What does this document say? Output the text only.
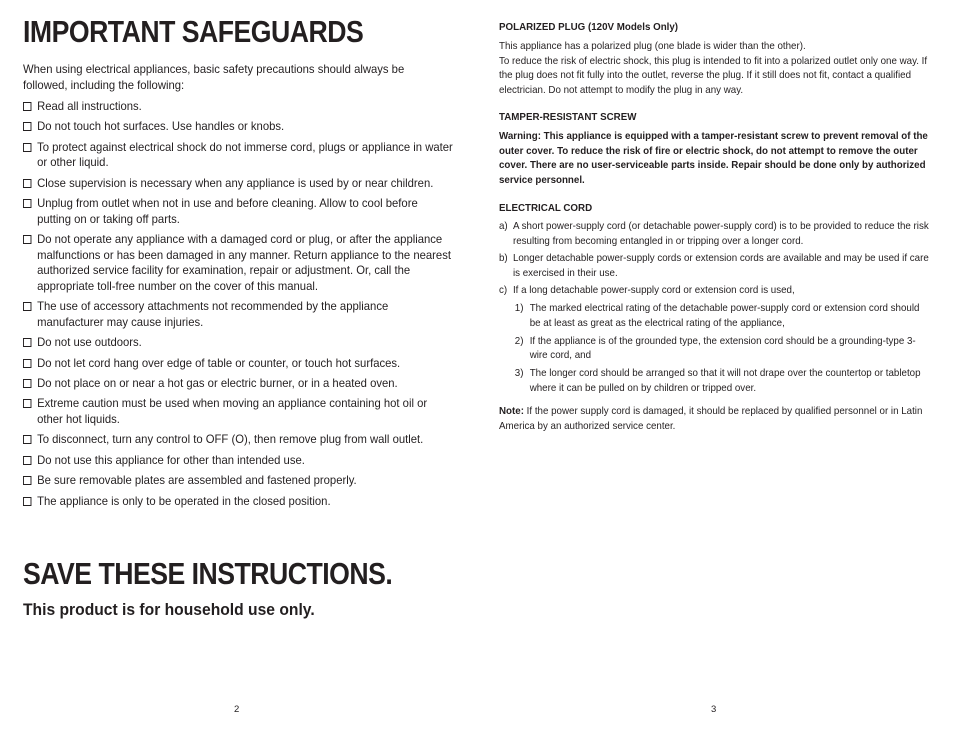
IMPORTANT SAFEGUARDS

When using electrical appliances, basic safety precautions should always be followed, including the following:

Read all instructions.
Do not touch hot surfaces. Use handles or knobs.
To protect against electrical shock do not immerse cord, plugs or appliance in water or other liquid.
Close supervision is necessary when any appliance is used by or near children.
Unplug from outlet when not in use and before cleaning. Allow to cool before putting on or taking off parts.
Do not operate any appliance with a damaged cord or plug, or after the appliance malfunctions or has been damaged in any manner. Return appliance to the nearest authorized service facility for examination, repair or adjustment. Or, call the appropriate toll-free number on the cover of this manual.
The use of accessory attachments not recommended by the appliance manufacturer may cause injuries.
Do not use outdoors.
Do not let cord hang over edge of table or counter, or touch hot surfaces.
Do not place on or near a hot gas or electric burner, or in a heated oven.
Extreme caution must be used when moving an appliance containing hot oil or other hot liquids.
To disconnect, turn any control to OFF (O), then remove plug from wall outlet.
Do not use this appliance for other than intended use.
Be sure removable plates are assembled and fastened properly.
The appliance is only to be operated in the closed position.
SAVE THESE INSTRUCTIONS.

This product is for household use only.

2
POLARIZED PLUG (120V Models Only)

This appliance has a polarized plug (one blade is wider than the other).

To reduce the risk of electric shock, this plug is intended to fit into a polarized outlet only one way. If the plug does not fit fully into the outlet, reverse the plug. If it still does not fit, contact a qualified electrician. Do not attempt to modify the plug in any way.

TAMPER-RESISTANT SCREW

Warning: This appliance is equipped with a tamper-resistant screw to prevent removal of the outer cover. To reduce the risk of fire or electric shock, do not attempt to remove the outer cover. There are no user-serviceable parts inside. Repair should be done only by authorized service personnel.

ELECTRICAL CORD
a) A short power-supply cord (or detachable power-supply cord) is to be provided to reduce the risk resulting from becoming entangled in or tripping over a longer cord.
b) Longer detachable power-supply cords or extension cords are available and may be used if care is exercised in their use.
c) If a long detachable power-supply cord or extension cord is used,
1) The marked electrical rating of the detachable power-supply cord or extension cord should be at least as great as the electrical rating of the appliance,
2) If the appliance is of the grounded type, the extension cord should be a grounding-type 3-wire cord, and
3) The longer cord should be arranged so that it will not drape over the countertop or tabletop where it can be pulled on by children or tripped over.

Note: If the power supply cord is damaged, it should be replaced by qualified personnel or in Latin America by an authorized service center.

3
